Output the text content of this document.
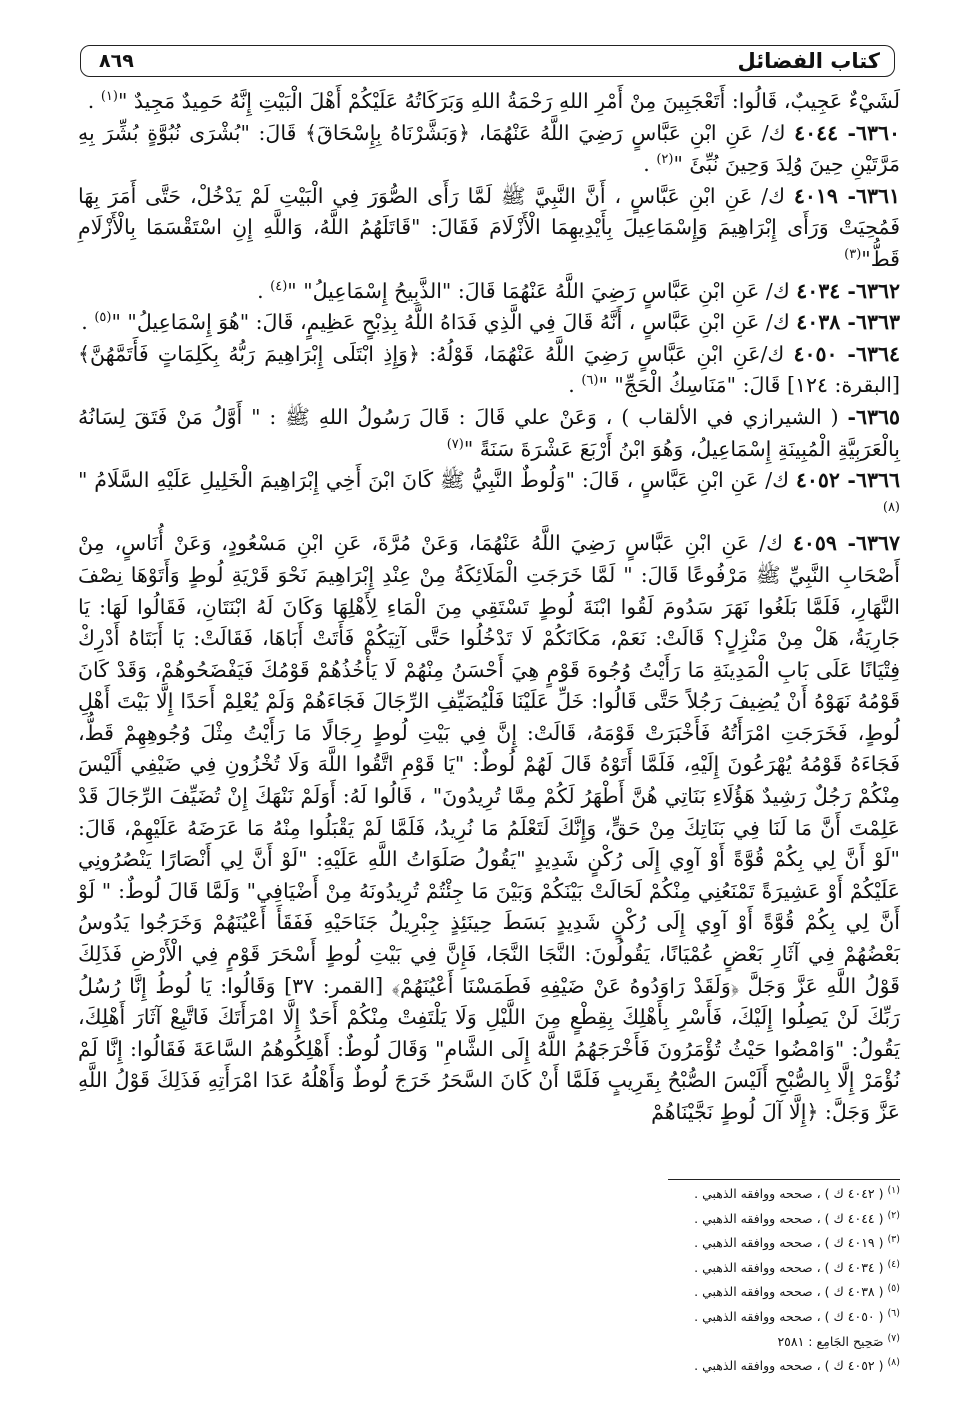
كتاب الفضائل
٨٦٩

لَشَيْءٌ عَجِيبٌ، قَالُوا: أَتَعْجَبِينَ مِنْ أَمْرِ اللهِ رَحْمَةُ اللهِ وَبَرَكَاتُهُ عَلَيْكُمْ أَهْلَ الْبَيْتِ إِنَّهُ حَمِيدٌ مَجِيدٌ "$^{(١)}$ .

٦٣٦٠- ٤٠٤٤ ك/ عَنِ ابْنِ عَبَّاسٍ رَضِيَ اللَّهُ عَنْهُمَا، ﴿وَبَشَّرْنَاهُ بِإِسْحَاقَ﴾ قَالَ: "بُشْرَى نُبُوَّةٍ بُشِّرَ بِهِ مَرَّتَيْنِ حِينَ وُلِدَ وَحِينَ نُبِّئَ "$^{(٢)}$ .

٦٣٦١- ٤٠١٩ ك/ عَنِ ابْنِ عَبَّاسٍ ، أَنَّ النَّبِيَّ ﷺ لَمَّا رَأَى الصُّوَرَ فِي الْبَيْتِ لَمْ يَدْخُلْ، حَتَّى أَمَرَ بِهَا فَمُحِيَتْ وَرَأَى إِبْرَاهِيمَ وَإِسْمَاعِيلَ بِأَيْدِيهِمَا الْأَزْلَامَ فَقَالَ: "قَاتَلَهُمُ اللَّهُ، وَاللَّهِ إِنِ اسْتَقْسَمَا بِالْأَزْلَامِ قَطُّ"$^{(٣)}$

٦٣٦٢- ٤٠٣٤ ك/ عَنِ ابْنِ عَبَّاسٍ رَضِيَ اللَّهُ عَنْهُمَا قَالَ: "الذَّبِيحُ إِسْمَاعِيلُ" "$^{(٤)}$ .

٦٣٦٣- ٤٠٣٨ ك/ عَنِ ابْنِ عَبَّاسٍ ، أَنَّهُ قَالَ فِي الَّذِي فَدَاهُ اللَّهُ بِذِبْحٍ عَظِيمٍ، قَالَ: "هُوَ إِسْمَاعِيلُ" "$^{(٥)}$ .

٦٣٦٤- ٤٠٥٠ ك/عَنِ ابْنِ عَبَّاسٍ رَضِيَ اللَّهُ عَنْهُمَا، قَوْلُهُ: ﴿وَإِذِ ابْتَلَى إِبْرَاهِيمَ رَبُّهُ بِكَلِمَاتٍ فَأَتَمَّهُنَّ﴾ [البقرة: ١٢٤] قَالَ: "مَنَاسِكُ الْحَجِّ" "$^{(٦)}$ .

٦٣٦٥- ( الشيرازي في الألقاب ) ، وَعَنْ علي قَالَ : قَالَ رَسُولُ اللهِ ﷺ : " أَوَّلُ مَنْ فَتَقَ لِسَانُهُ بِالْعَرَبِيَّةِ الْمُبِينَةِ إِسْمَاعِيلُ، وَهُوَ ابْنُ أَرْبَعَ عَشْرَةَ سَنَةً "$^{(٧)}$

٦٣٦٦- ٤٠٥٢ ك/ عَنِ ابْنِ عَبَّاسٍ ، قَالَ: "وَلُوطٌ النَّبِيُّ ﷺ كَانَ ابْنَ أَخِي إِبْرَاهِيمَ الْخَلِيلِ عَلَيْهِ السَّلَامُ "$^{(٨)}$

٦٣٦٧- ٤٠٥٩ ك/ عَنِ ابْنِ عَبَّاسٍ رَضِيَ اللَّهُ عَنْهُمَا، وَعَنْ مُرَّةَ، عَنِ ابْنِ مَسْعُودٍ، وَعَنْ أُنَاسٍ، مِنْ أَصْحَابِ النَّبِيِّ ﷺ مَرْفُوعًا قَالَ: " لَمَّا خَرَجَتِ الْمَلَائِكَةُ مِنْ عِنْدِ إِبْرَاهِيمَ نَحْوَ قَرْيَةِ لُوطٍ وَأَتَوْهَا نِصْفَ النَّهَارِ، فَلَمَّا بَلَغُوا نَهَرَ سَدُومَ لَقُوا ابْنَةَ لُوطٍ تَسْتَقِي مِنَ الْمَاءِ لِأَهْلِهَا وَكَانَ لَهُ ابْنَتَانِ، فَقَالُوا لَهَا: يَا جَارِيَةُ، هَلْ مِنْ مَنْزِلٍ؟ قَالَتْ: نَعَمْ، مَكَانَكُمْ لَا تَدْخُلُوا حَتَّى آتِيَكُمْ فَأَتَتْ أَبَاهَا، فَقَالَتْ: يَا أَبَتَاهُ أَدْرِكْ فِتْيَانًا عَلَى بَابِ الْمَدِينَةِ مَا رَأَيْتُ وُجُوهَ قَوْمٍ هِيَ أَحْسَنُ مِنْهُمْ لَا يَأْخُذُهُمْ قَوْمُكَ فَيَفْضَحُوهُمْ، وَقَدْ كَانَ قَوْمُهُ نَهَوْهُ أَنْ يُضِيفَ رَجُلاً حَتَّى قَالُوا: خَلِّ عَلَيْنَا فَلْيُضَيِّفِ الرِّجَالَ فَجَاءَهُمْ وَلَمْ يُعْلِمْ أَحَدًا إِلَّا بَيْتَ أَهْلِ لُوطٍ، فَخَرَجَتِ امْرَأَتُهُ فَأَخْبَرَتْ قَوْمَهُ، قَالَتْ: إِنَّ فِي بَيْتِ لُوطٍ رِجَالًا مَا رَأَيْتُ مِثْلَ وُجُوهِهِمْ قَطُّ، فَجَاءَهُ قَوْمُهُ يُهْرَعُونَ إِلَيْهِ، فَلَمَّا أَتَوْهُ قَالَ لَهُمْ لُوطٌ: "يَا قَوْمِ اتَّقُوا اللَّهَ وَلَا تُخْزُونِ فِي ضَيْفِي أَلَيْسَ مِنْكُمْ رَجُلٌ رَشِيدٌ هَؤُلَاءِ بَنَاتِي هُنَّ أَطْهَرُ لَكُمْ مِمَّا تُرِيدُونَ" ، قَالُوا لَهُ: أَوَلَمْ نَنْهَكَ إِنْ تُضَيِّفَ الرِّجَالَ قَدْ عَلِمْتَ أَنَّ مَا لَنَا فِي بَنَاتِكَ مِنْ حَقٍّ، وَإِنَّكَ لَتَعْلَمُ مَا نُرِيدُ، فَلَمَّا لَمْ يَقْبَلُوا مِنْهُ مَا عَرَضَهُ عَلَيْهِمْ، قَالَ: "لَوْ أَنَّ لِي بِكُمْ قُوَّةً أَوْ آوِي إِلَى رُكْنٍ شَدِيدٍ "يَقُولُ صَلَوَاتُ اللَّهِ عَلَيْهِ: "لَوْ أَنَّ لِي أَنْصَارًا يَنْصُرُونِي عَلَيْكُمْ أَوْ عَشِيرَةً تَمْنَعُنِي مِنْكُمْ لَحَالَتْ بَيْنَكُمْ وَبَيْنَ مَا جِئْتُمْ تُرِيدُونَهُ مِنْ أَضْيَافِي" وَلَمَّا قَالَ لُوطٌ: " لَوْ أَنَّ لِي بِكُمْ قُوَّةً أَوْ آوِي إِلَى رُكْنٍ شَدِيدٍ بَسَطَ حِينَئِذٍ جِبْرِيلُ جَنَاحَيْهِ فَفَقَأَ أَعْيُنَهُمْ وَخَرَجُوا يَدُوسُ بَعْضُهُمْ فِي آثَارِ بَعْضٍ عُمْيَانًا، يَقُولُونَ: النَّجَا النَّجَا، فَإِنَّ فِي بَيْتِ لُوطٍ أَسْحَرَ قَوْمٍ فِي الْأَرْضِ فَذَلِكَ قَوْلُ اللَّهِ عَزَّ وَجَلَّ ﴿وَلَقَدْ رَاوَدُوهُ عَنْ ضَيْفِهِ فَطَمَسْنَا أَعْيُنَهُمْ﴾ [القمر: ٣٧] وَقَالُوا: يَا لُوطُ إِنَّا رُسُلُ رَبِّكَ لَنْ يَصِلُوا إِلَيْكَ، فَأَسْرِ بِأَهْلِكَ بِقِطْعٍ مِنَ اللَّيْلِ وَلَا يَلْتَفِتْ مِنْكُمْ أَحَدٌ إِلَّا امْرَأَتَكَ فَاتَّبِعْ آثَارَ أَهْلِكَ، يَقُولُ: "وَامْضُوا حَيْثُ تُؤْمَرُونَ فَأَخْرَجَهُمُ اللَّهُ إِلَى الشَّامِ" وَقَالَ لُوطٌ: أَهْلِكُوهُمُ السَّاعَةَ فَقَالُوا: إِنَّا لَمْ نُؤْمَرْ إِلَّا بِالصُّبْحِ أَلَيْسَ الصُّبْحُ بِقَرِيبٍ فَلَمَّا أَنْ كَانَ السَّحَرُ خَرَجَ لُوطٌ وَأَهْلُهُ عَدَا امْرَأَتِهِ فَذَلِكَ قَوْلُ اللَّهِ عَزَّ وَجَلَّ: ﴿إِلَّا آلَ لُوطٍ نَجَّيْنَاهُمْ

$^{(١)}$ ( ٤٠٤٢ ك ) ، صححه ووافقه الذهبي .
$^{(٢)}$ ( ٤٠٤٤ ك ) ، صححه ووافقه الذهبي .
$^{(٣)}$ ( ٤٠١٩ ك ) ، صححه ووافقه الذهبي .
$^{(٤)}$ ( ٤٠٣٤ ك ) ، صححه ووافقه الذهبي .
$^{(٥)}$ ( ٤٠٣٨ ك ) ، صححه ووافقه الذهبي .
$^{(٦)}$ ( ٤٠٥٠ ك ) ، صححه ووافقه الذهبي .
$^{(٧)}$ صَحِيح الجَامِع : ٢٥٨١
$^{(٨)}$ ( ٤٠٥٢ ك ) ، صححه ووافقه الذهبي .
